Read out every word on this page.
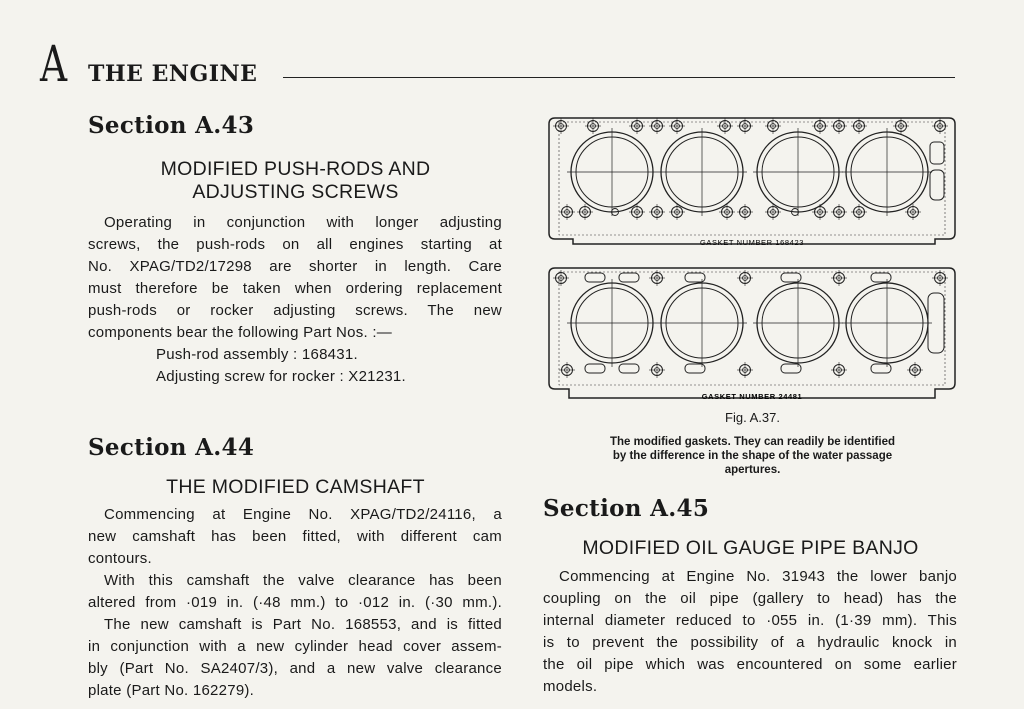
A THE ENGINE
Section A.43
MODIFIED PUSH-RODS AND
ADJUSTING SCREWS
Operating in conjunction with longer adjusting
screws, the push-rods on all engines starting at
No. XPAG/TD2/17298 are shorter in length. Care
must therefore be taken when ordering replacement
push-rods or rocker adjusting screws. The new
components bear the following Part Nos. :—
Push-rod assembly : 168431.
Adjusting screw for rocker : X21231.
Section A.44
THE MODIFIED CAMSHAFT
Commencing at Engine No. XPAG/TD2/24116, a
new camshaft has been fitted, with different cam
contours.
With this camshaft the valve clearance has been
altered from ·019 in. (·48 mm.) to ·012 in. (·30 mm.).
The new camshaft is Part No. 168553, and is fitted
in conjunction with a new cylinder head cover assem-
bly (Part No. SA2407/3), and a new valve clearance
plate (Part No. 162279).
GASKET NUMBER 168423
GASKET NUMBER 24481
Fig. A.37.
The modified gaskets. They can readily be identified
by the difference in the shape of the water passage
apertures.
Section A.45
MODIFIED OIL GAUGE PIPE BANJO
Commencing at Engine No. 31943 the lower banjo
coupling on the oil pipe (gallery to head) has the
internal diameter reduced to ·055 in. (1·39 mm). This
is to prevent the possibility of a hydraulic knock in
the oil pipe which was encountered on some earlier
models.
